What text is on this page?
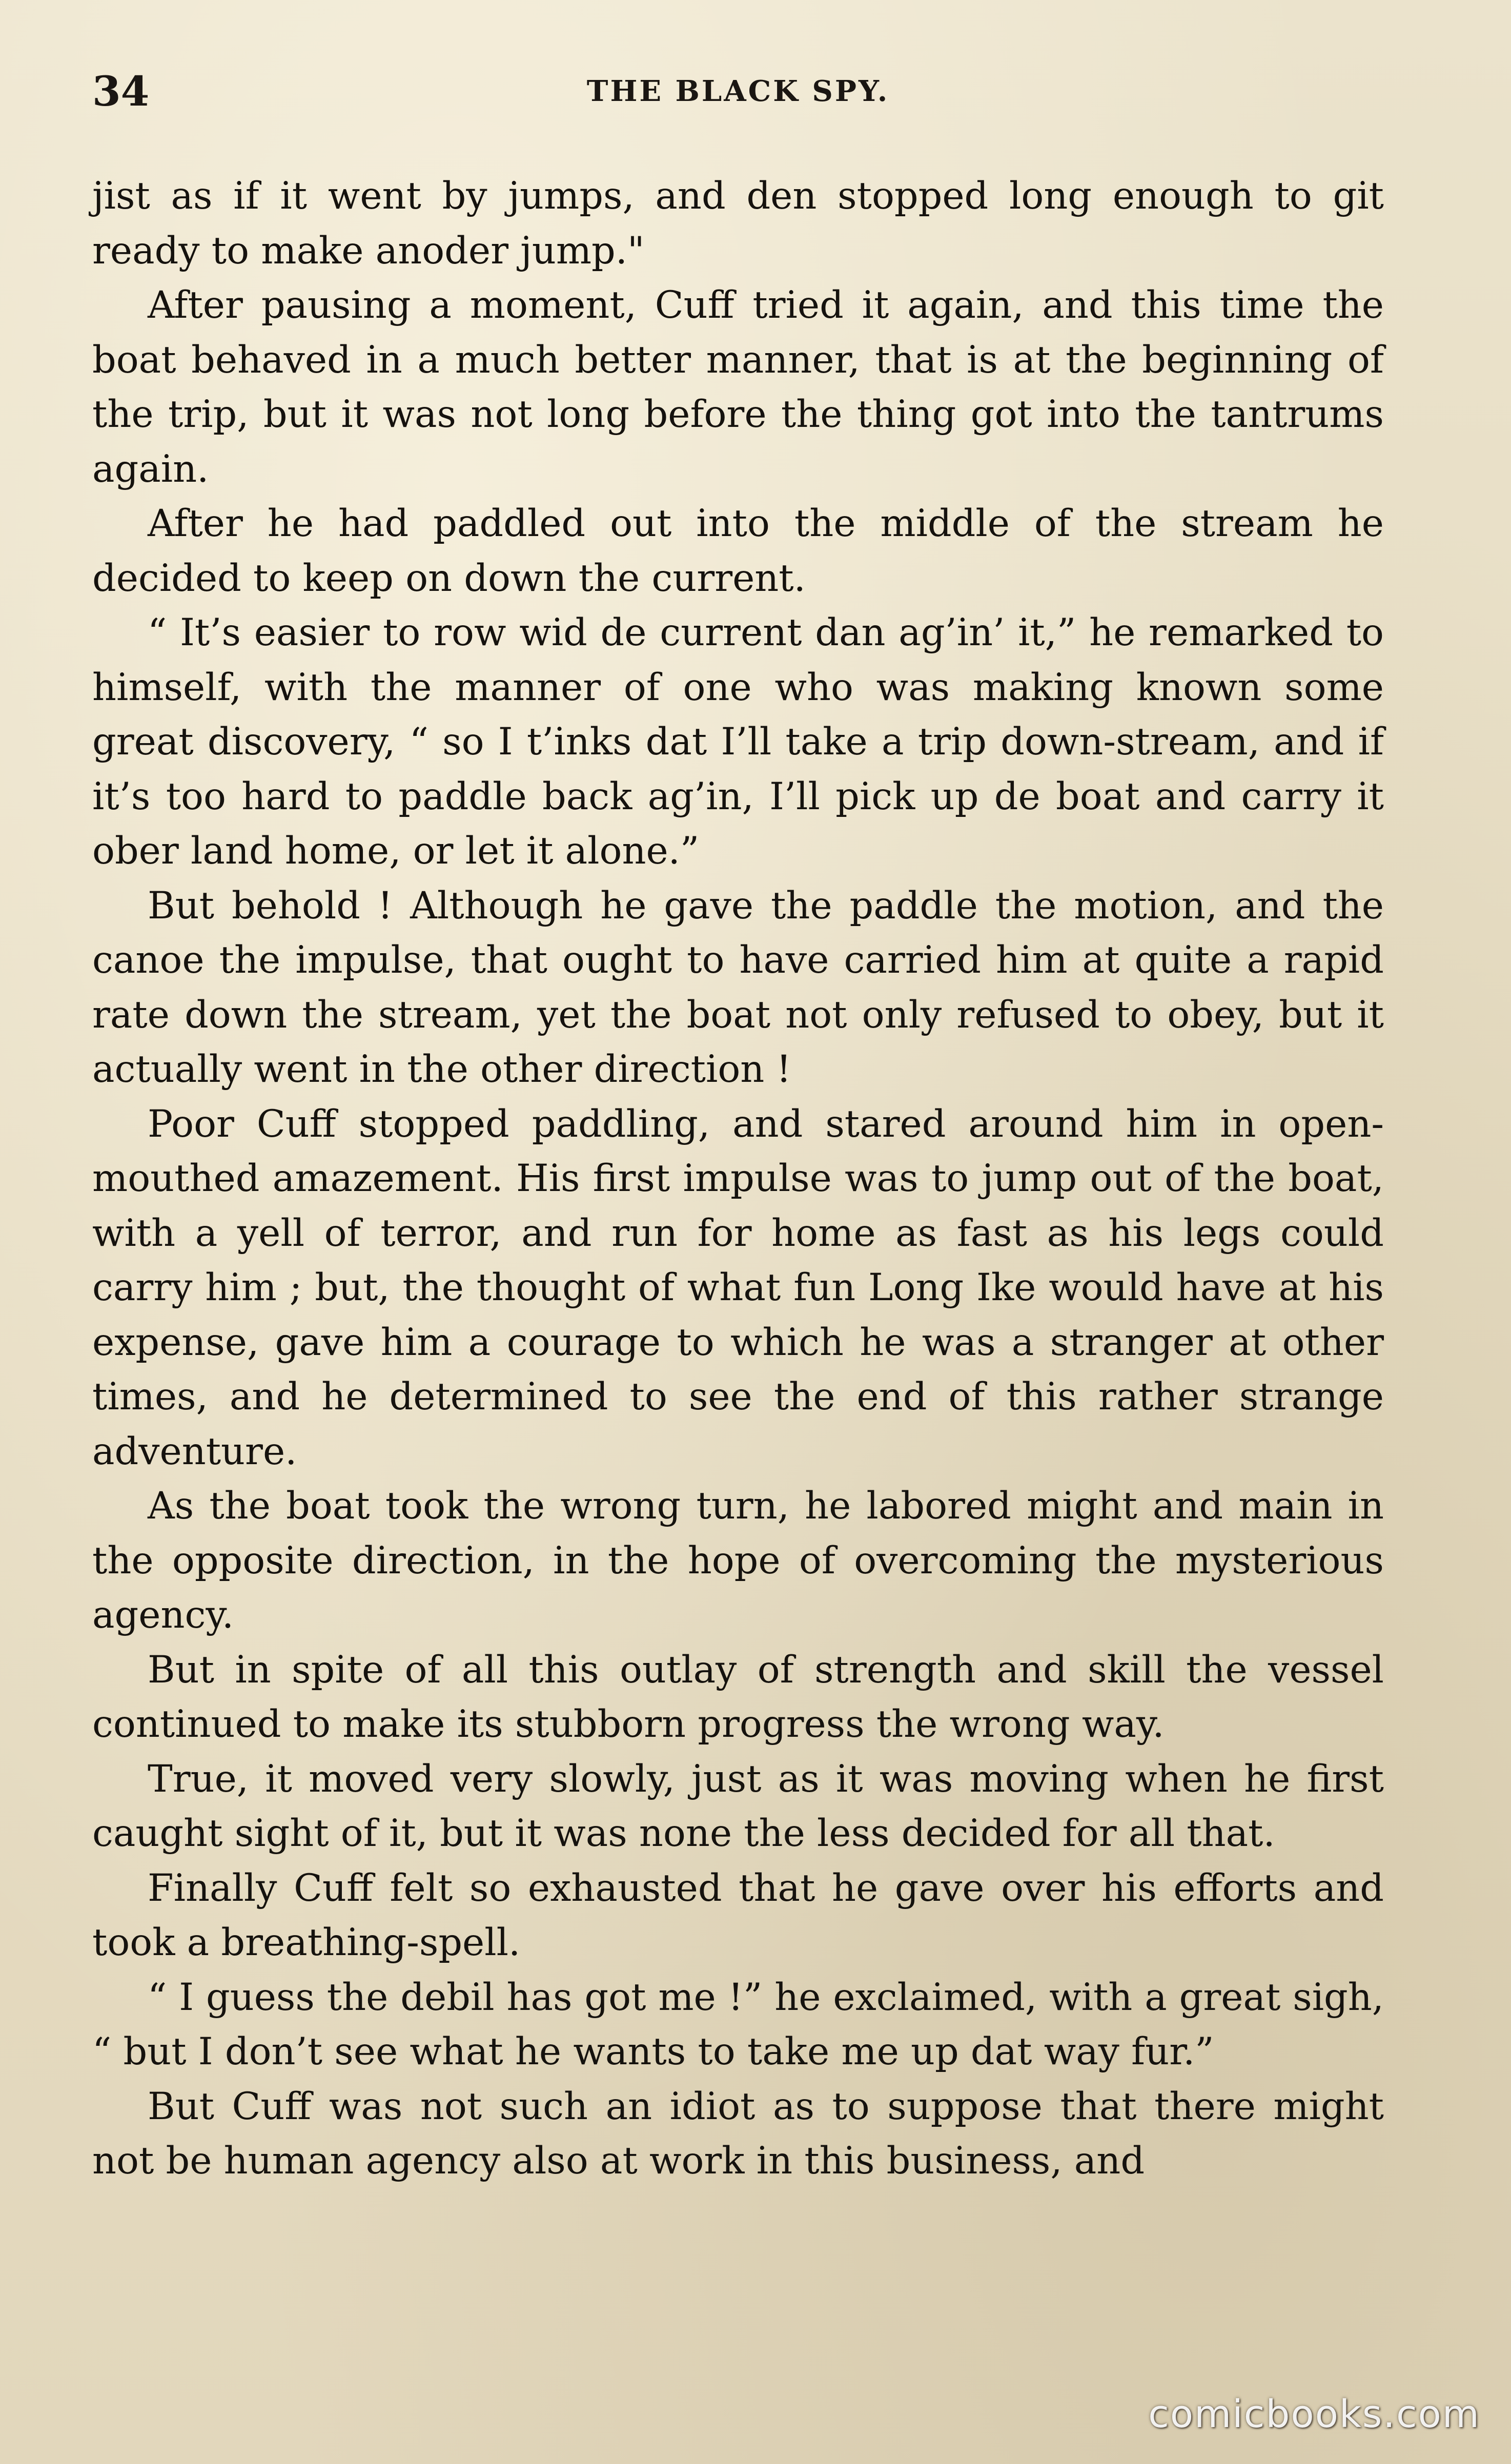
34	THE BLACK SPY.

jist as if it went by jumps, and den stopped long enough to git ready to make anoder jump."

After pausing a moment, Cuff tried it again, and this time the boat behaved in a much better manner, that is at the beginning of the trip, but it was not long before the thing got into the tantrums again.

After he had paddled out into the middle of the stream he decided to keep on down the current.

“ It’s easier to row wid de current dan ag’in’ it,” he remarked to himself, with the manner of one who was making known some great discovery, “ so I t’inks dat I’ll take a trip down-stream, and if it’s too hard to paddle back ag’in, I’ll pick up de boat and carry it ober land home, or let it alone.”

But behold ! Although he gave the paddle the motion, and the canoe the impulse, that ought to have carried him at quite a rapid rate down the stream, yet the boat not only refused to obey, but it actually went in the other direction !

Poor Cuff stopped paddling, and stared around him in open-mouthed amazement. His first impulse was to jump out of the boat, with a yell of terror, and run for home as fast as his legs could carry him ; but, the thought of what fun Long Ike would have at his expense, gave him a courage to which he was a stranger at other times, and he determined to see the end of this rather strange adventure.

As the boat took the wrong turn, he labored might and main in the opposite direction, in the hope of overcoming the mysterious agency.

But in spite of all this outlay of strength and skill the vessel continued to make its stubborn progress the wrong way.

True, it moved very slowly, just as it was moving when he first caught sight of it, but it was none the less decided for all that.

Finally Cuff felt so exhausted that he gave over his efforts and took a breathing-spell.

“ I guess the debil has got me !” he exclaimed, with a great sigh, “ but I don’t see what he wants to take me up dat way fur.”

But Cuff was not such an idiot as to suppose that there might not be human agency also at work in this business, and

comicbooks.com
